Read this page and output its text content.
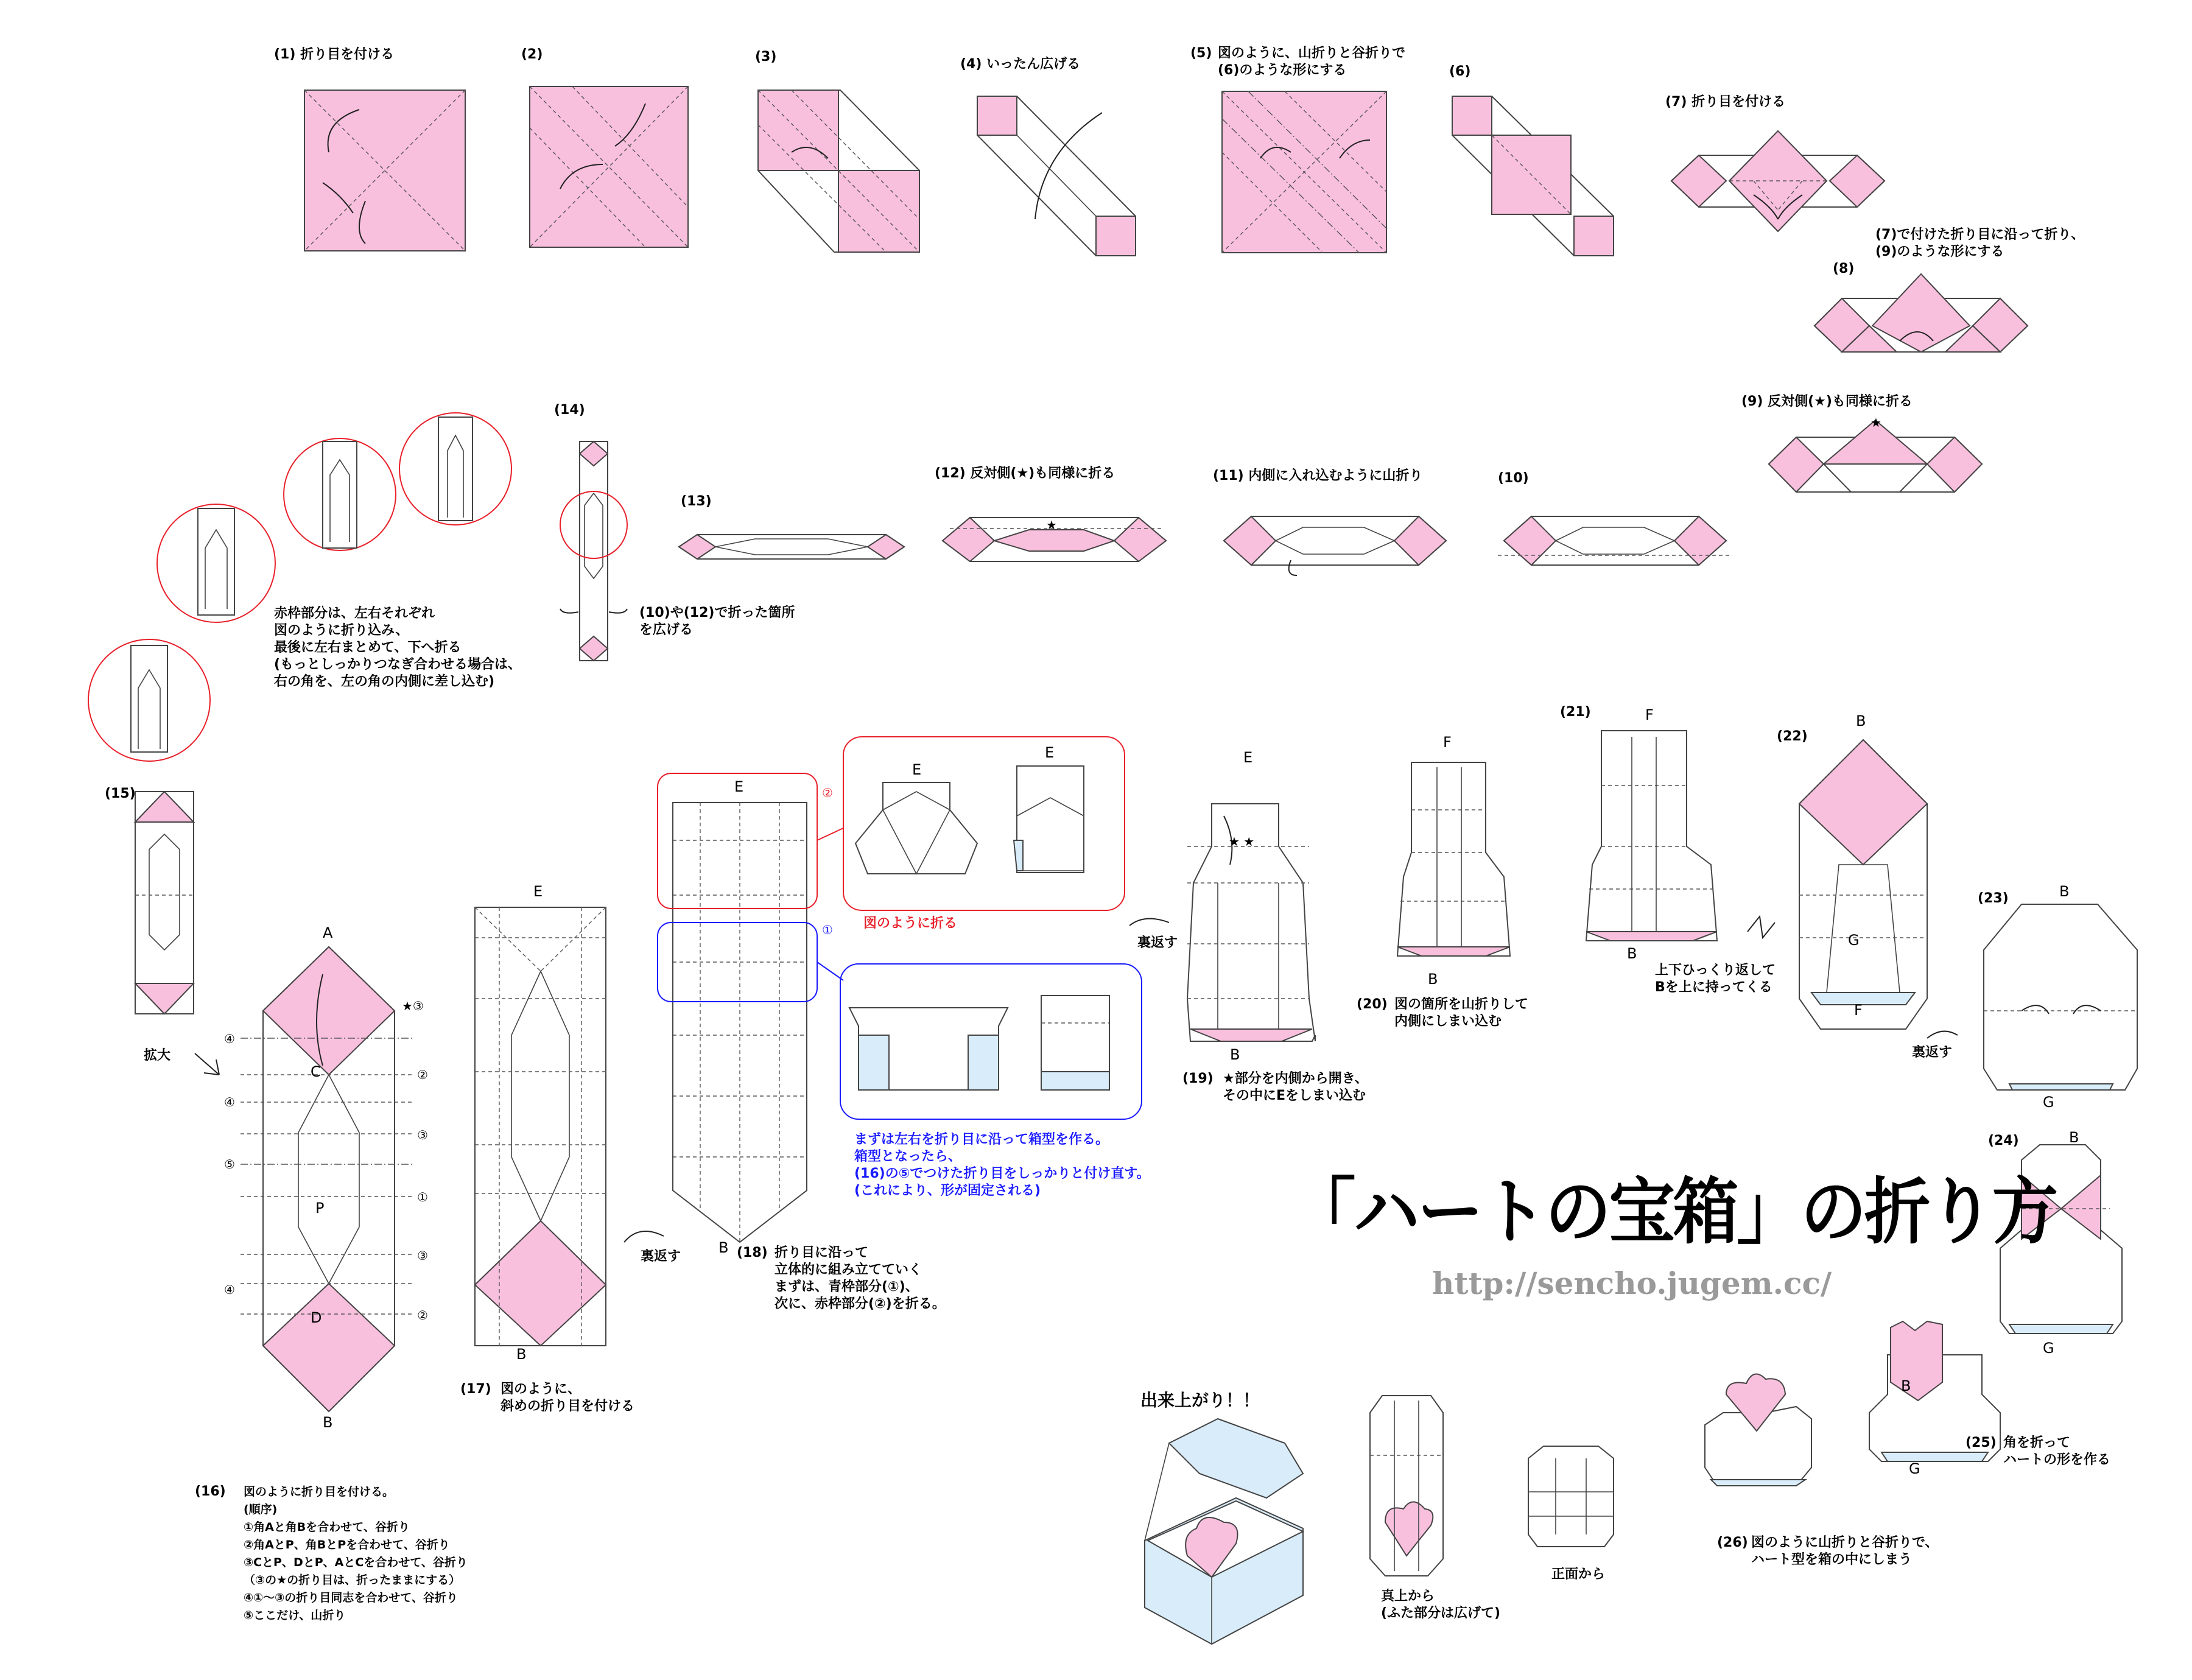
(1) 折り目を付ける	(2)	(3)	(4) いったん広げる
(5) 図のように、山折りと谷折りで
(6)のような形にする	(6)
(7) 折り目を付ける
(7)で付けた折り目に沿って折り、
(9)のような形にする
(8)
(9) 反対側(★)も同様に折る
(10)
(11) 内側に入れ込むように山折り
(12) 反対側(★)も同様に折る
(13)
(14)
(10)や(12)で折った箇所
を広げる
赤枠部分は、左右それぞれ
図のように折り込み、
最後に左右まとめて、下へ折る
(もっとしっかりつなぎ合わせる場合は、
右の角を、左の角の内側に差し込む)
(15)
拡大
(16) 図のように折り目を付ける。
(順序)
①角Aと角Bを合わせて、谷折り
②角AとP、角BとPを合わせて、谷折り
③CとP、DとP、AとCを合わせて、谷折り
（③の★の折り目は、折ったままにする）
④①～③の折り目同志を合わせて、谷折り
⑤ここだけ、山折り
(17) 図のように、
斜めの折り目を付ける
(18) 折り目に沿って
立体的に組み立てていく
まずは、青枠部分(①)、
次に、赤枠部分(②)を折る。
図のように折る
まずは左右を折り目に沿って箱型を作る。
箱型となったら、
(16)の⑤でつけた折り目をしっかりと付け直す。
(これにより、形が固定される)
裏返す
裏返す
裏返す
(19) ★部分を内側から開き、
その中にEをしまい込む
(20) 図の箇所を山折りして
内側にしまい込む
(21)
上下ひっくり返して
Bを上に持ってくる
(22)
(23)
(24)
(25) 角を折って
ハートの形を作る
(26) 図のように山折りと谷折りで、
ハート型を箱の中にしまう
出来上がり！！
真上から
(ふた部分は広げて)
正面から
A
C
P
D
B
E
B
E
B
E
E	E
B
F
B
F
B
B
G
F
B
G
B
G
B
G
④
④
⑤
④
★③
②
③
①
③
②
②
①
★ ★
★
★
「ハートの宝箱」の折り方
http://sencho.jugem.cc/
